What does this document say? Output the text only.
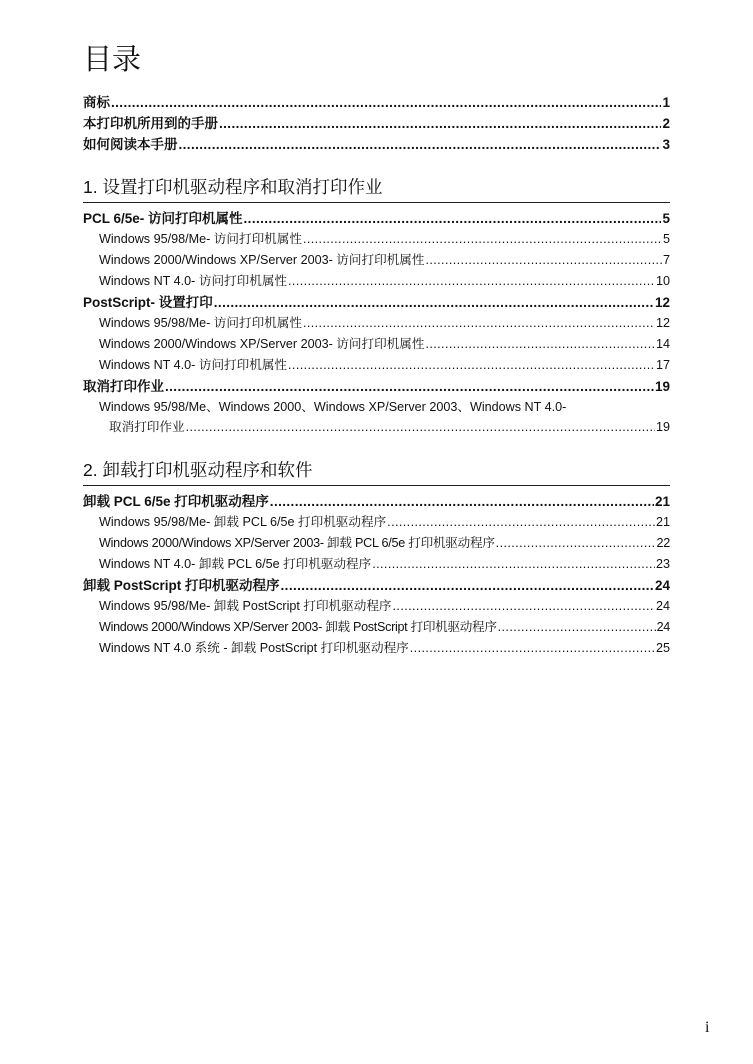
目录
商标 .....	1
本打印机所用到的手册 .....	2
如何阅读本手册 .....	3
1. 设置打印机驱动程序和取消打印作业
PCL 6/5e- 访问打印机属性 .....	5
Windows 95/98/Me- 访问打印机属性 .....	5
Windows 2000/Windows XP/Server 2003- 访问打印机属性 .....	7
Windows NT 4.0- 访问打印机属性 .....	10
PostScript- 设置打印 .....	12
Windows 95/98/Me- 访问打印机属性 .....	12
Windows 2000/Windows XP/Server 2003- 访问打印机属性 .....	14
Windows NT 4.0- 访问打印机属性 .....	17
取消打印作业 .....	19
Windows 95/98/Me、Windows 2000、Windows XP/Server 2003、Windows NT 4.0-
取消打印作业 .....	19
2. 卸载打印机驱动程序和软件
卸载 PCL 6/5e 打印机驱动程序 .....	21
Windows 95/98/Me- 卸载 PCL 6/5e 打印机驱动程序 .....	21
Windows 2000/Windows XP/Server 2003- 卸载 PCL 6/5e 打印机驱动程序 .....	22
Windows NT 4.0- 卸载 PCL 6/5e 打印机驱动程序 .....	23
卸载 PostScript 打印机驱动程序 .....	24
Windows 95/98/Me- 卸载 PostScript 打印机驱动程序 .....	24
Windows 2000/Windows XP/Server 2003- 卸载 PostScript 打印机驱动程序 .....	24
Windows NT 4.0 系统 - 卸载 PostScript 打印机驱动程序 .....	25
i
